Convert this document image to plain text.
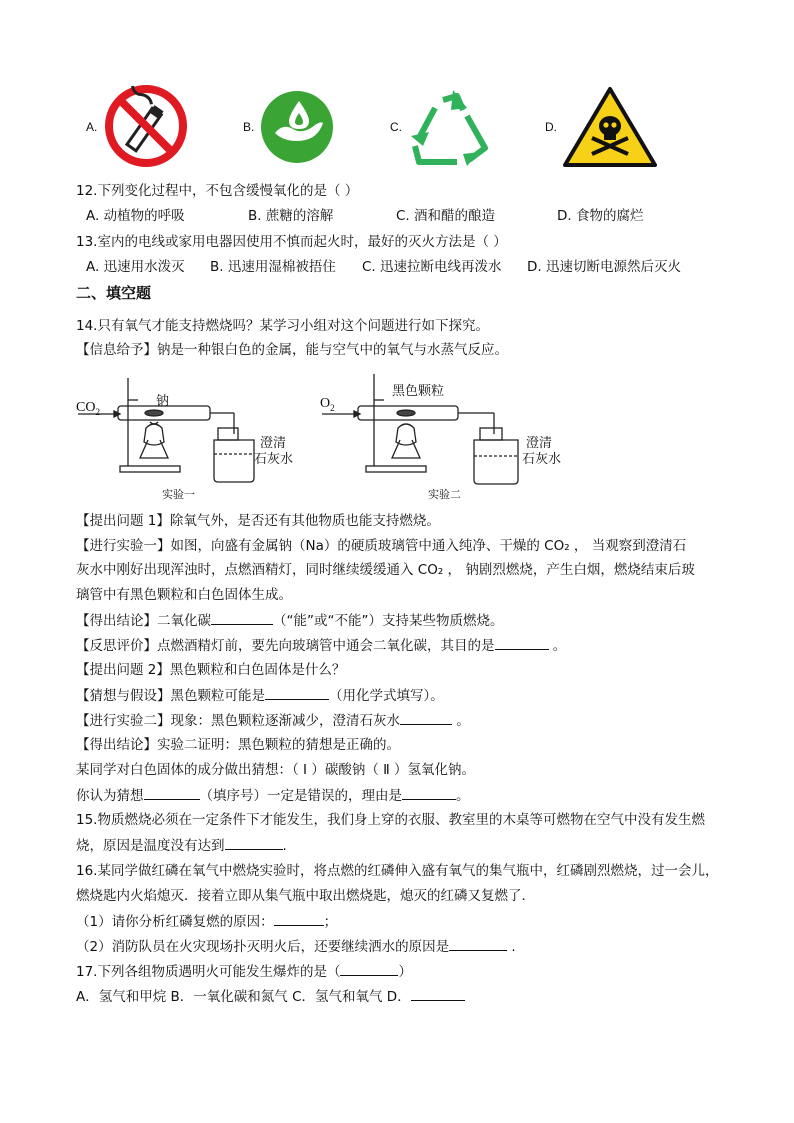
A.	B.	C.	D.
12.下列变化过程中，不包含缓慢氧化的是（ ）
A. 动植物的呼吸	B. 蔗糖的溶解	C. 酒和醋的酿造	D. 食物的腐烂
13.室内的电线或家用电器因使用不慎而起火时，最好的灭火方法是（ ）
A. 迅速用水泼灭 B. 迅速用湿棉被捂住 C. 迅速拉断电线再泼水 D. 迅速切断电源然后灭火
二、填空题
14.只有氧气才能支持燃烧吗？某学习小组对这个问题进行如下探究。
【信息给予】钠是一种银白色的金属，能与空气中的氧气与水蒸气反应。
$CO_2$
钠
澄清
石灰水
实验一
$O_2$
黑色颗粒
澄清
石灰水
实验二
【提出问题 1】除氧气外，是否还有其他物质也能支持燃烧。
【进行实验一】如图，向盛有金属钠（Na）的硬质玻璃管中通入纯净、干燥的 CO₂ ， 当观察到澄清石
灰水中刚好出现浑浊时，点燃酒精灯，同时继续缓缓通入 CO₂ ， 钠剧烈燃烧，产生白烟，燃烧结束后玻
璃管中有黑色颗粒和白色固体生成。
【得出结论】二氧化碳	（“能”或“不能”）支持某些物质燃烧。
【反思评价】点燃酒精灯前，要先向玻璃管中通会二氧化碳，其目的是	。
【提出问题 2】黑色颗粒和白色固体是什么？
【猜想与假设】黑色颗粒可能是	（用化学式填写）。
【进行实验二】现象：黑色颗粒逐渐减少，澄清石灰水	。
【得出结论】实验二证明：黑色颗粒的猜想是正确的。
某同学对白色固体的成分做出猜想：（ Ⅰ ）碳酸钠（ Ⅱ ）氢氧化钠。
你认为猜想	（填序号）一定是错误的，理由是	。
15.物质燃烧必须在一定条件下才能发生，我们身上穿的衣服、教室里的木桌等可燃物在空气中没有发生燃
烧，原因是温度没有达到	.
16.某同学做红磷在氧气中燃烧实验时，将点燃的红磷伸入盛有氧气的集气瓶中，红磷剧烈燃烧，过一会儿，
燃烧匙内火焰熄灭．接着立即从集气瓶中取出燃烧匙，熄灭的红磷又复燃了．
（1）请你分析红磷复燃的原因：	；
（2）消防队员在火灾现场扑灭明火后，还要继续洒水的原因是	.
17.下列各组物质遇明火可能发生爆炸的是（	）
A．氢气和甲烷 B．一氧化碳和氮气 C．氢气和氧气 D．
